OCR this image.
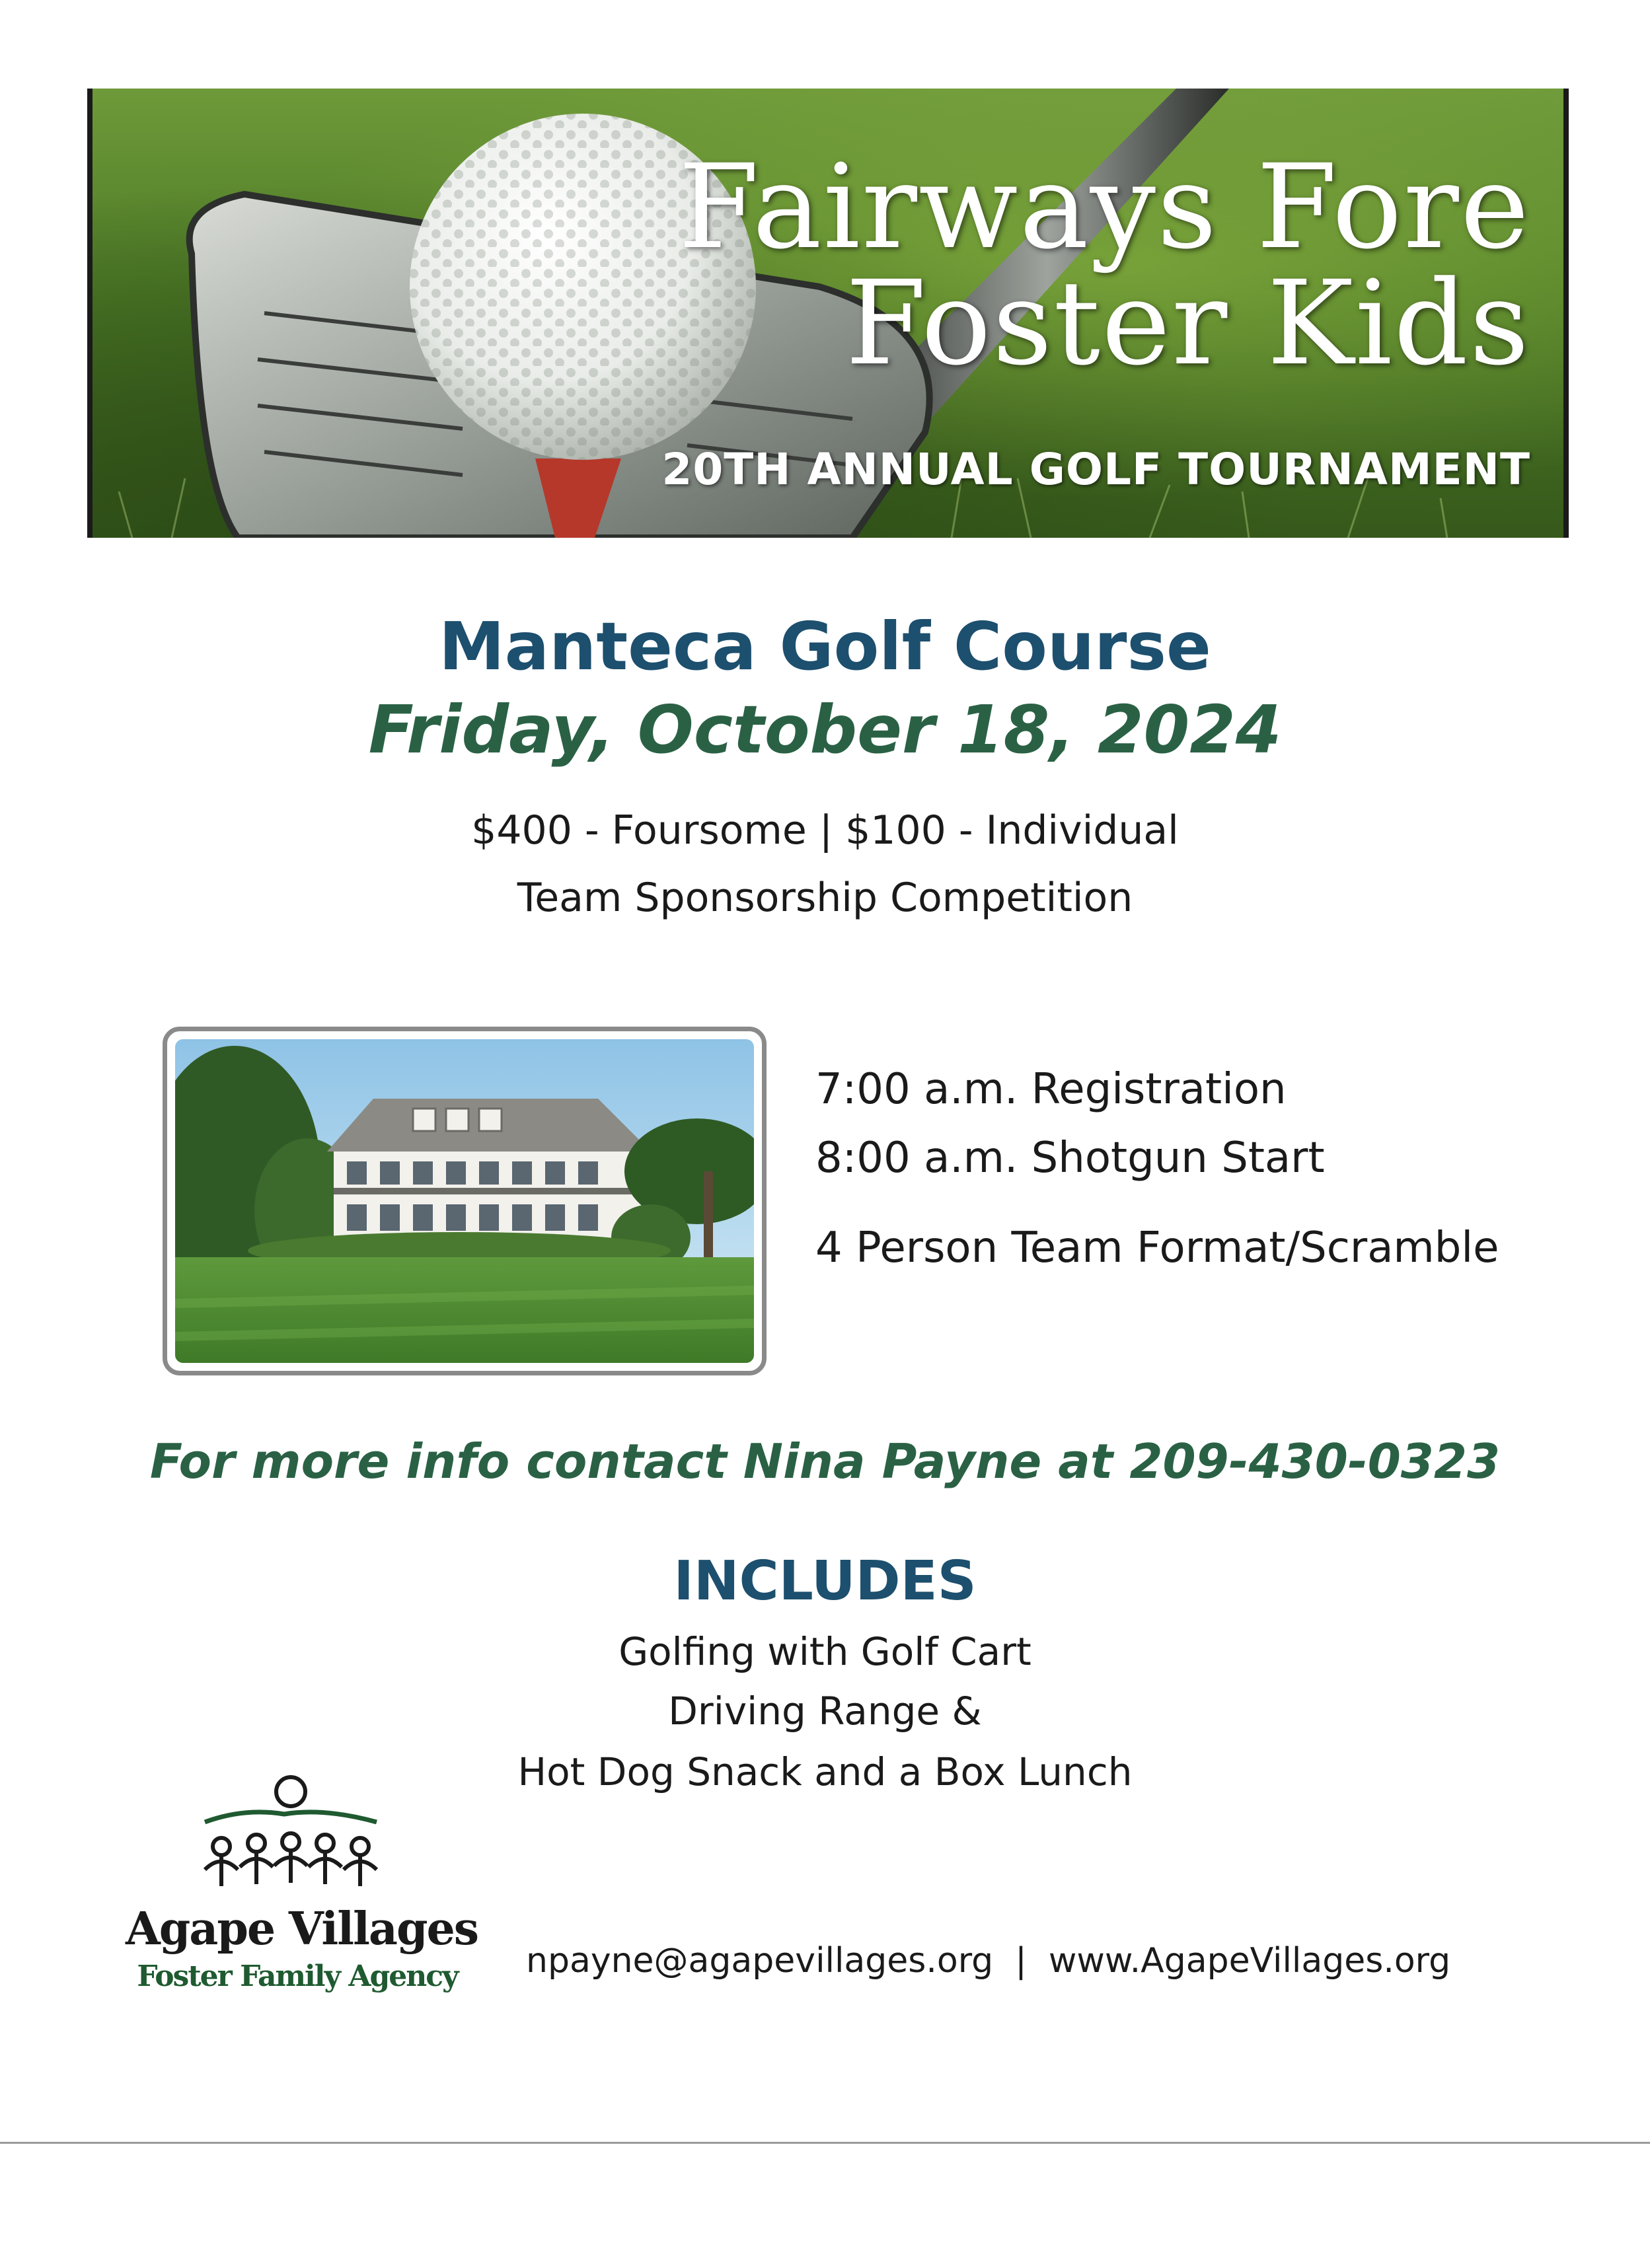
Fairways Fore
Foster Kids
20TH ANNUAL GOLF TOURNAMENT
Manteca Golf Course
Friday, October 18, 2024
$400 - Foursome | $100 - Individual
Team Sponsorship Competition
7:00 a.m. Registration
8:00 a.m. Shotgun Start
4 Person Team Format/Scramble
For more info contact Nina Payne at 209-430-0323
INCLUDES
Golfing with Golf Cart
Driving Range &
Hot Dog Snack and a Box Lunch
Agape Villages
Foster Family Agency	npayne@agapevillages.org  |  www.AgapeVillages.org
